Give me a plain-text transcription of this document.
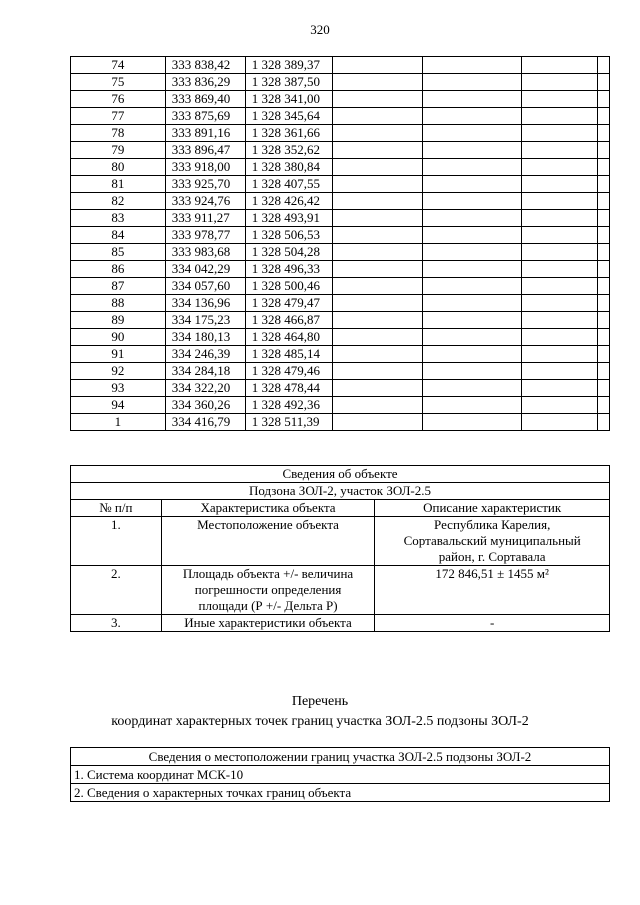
320
74	333 838,42	1 328 389,37				
75	333 836,29	1 328 387,50				
76	333 869,40	1 328 341,00				
77	333 875,69	1 328 345,64				
78	333 891,16	1 328 361,66				
79	333 896,47	1 328 352,62				
80	333 918,00	1 328 380,84				
81	333 925,70	1 328 407,55				
82	333 924,76	1 328 426,42				
83	333 911,27	1 328 493,91				
84	333 978,77	1 328 506,53				
85	333 983,68	1 328 504,28				
86	334 042,29	1 328 496,33				
87	334 057,60	1 328 500,46				
88	334 136,96	1 328 479,47				
89	334 175,23	1 328 466,87				
90	334 180,13	1 328 464,80				
91	334 246,39	1 328 485,14				
92	334 284,18	1 328 479,46				
93	334 322,20	1 328 478,44				
94	334 360,26	1 328 492,36				
1	334 416,79	1 328 511,39				
Сведения об объекте		
Подзона ЗОЛ-2, участок ЗОЛ-2.5		
№ п/п	Характеристика объекта	Описание характеристик
1.	Местоположение объекта	Республика Карелия, Сортавальский муниципальный район, г. Сортавала
2.	Площадь объекта +/- величина погрешности определения площади (Р +/- Дельта Р)	172 846,51 ± 1455 м²
3.	Иные характеристики объекта	-
Перечень
координат характерных точек границ участка ЗОЛ-2.5 подзоны ЗОЛ-2
Сведения о местоположении границ участка ЗОЛ-2.5 подзоны ЗОЛ-2
1. Система координат МСК-10
2. Сведения о характерных точках границ объекта
